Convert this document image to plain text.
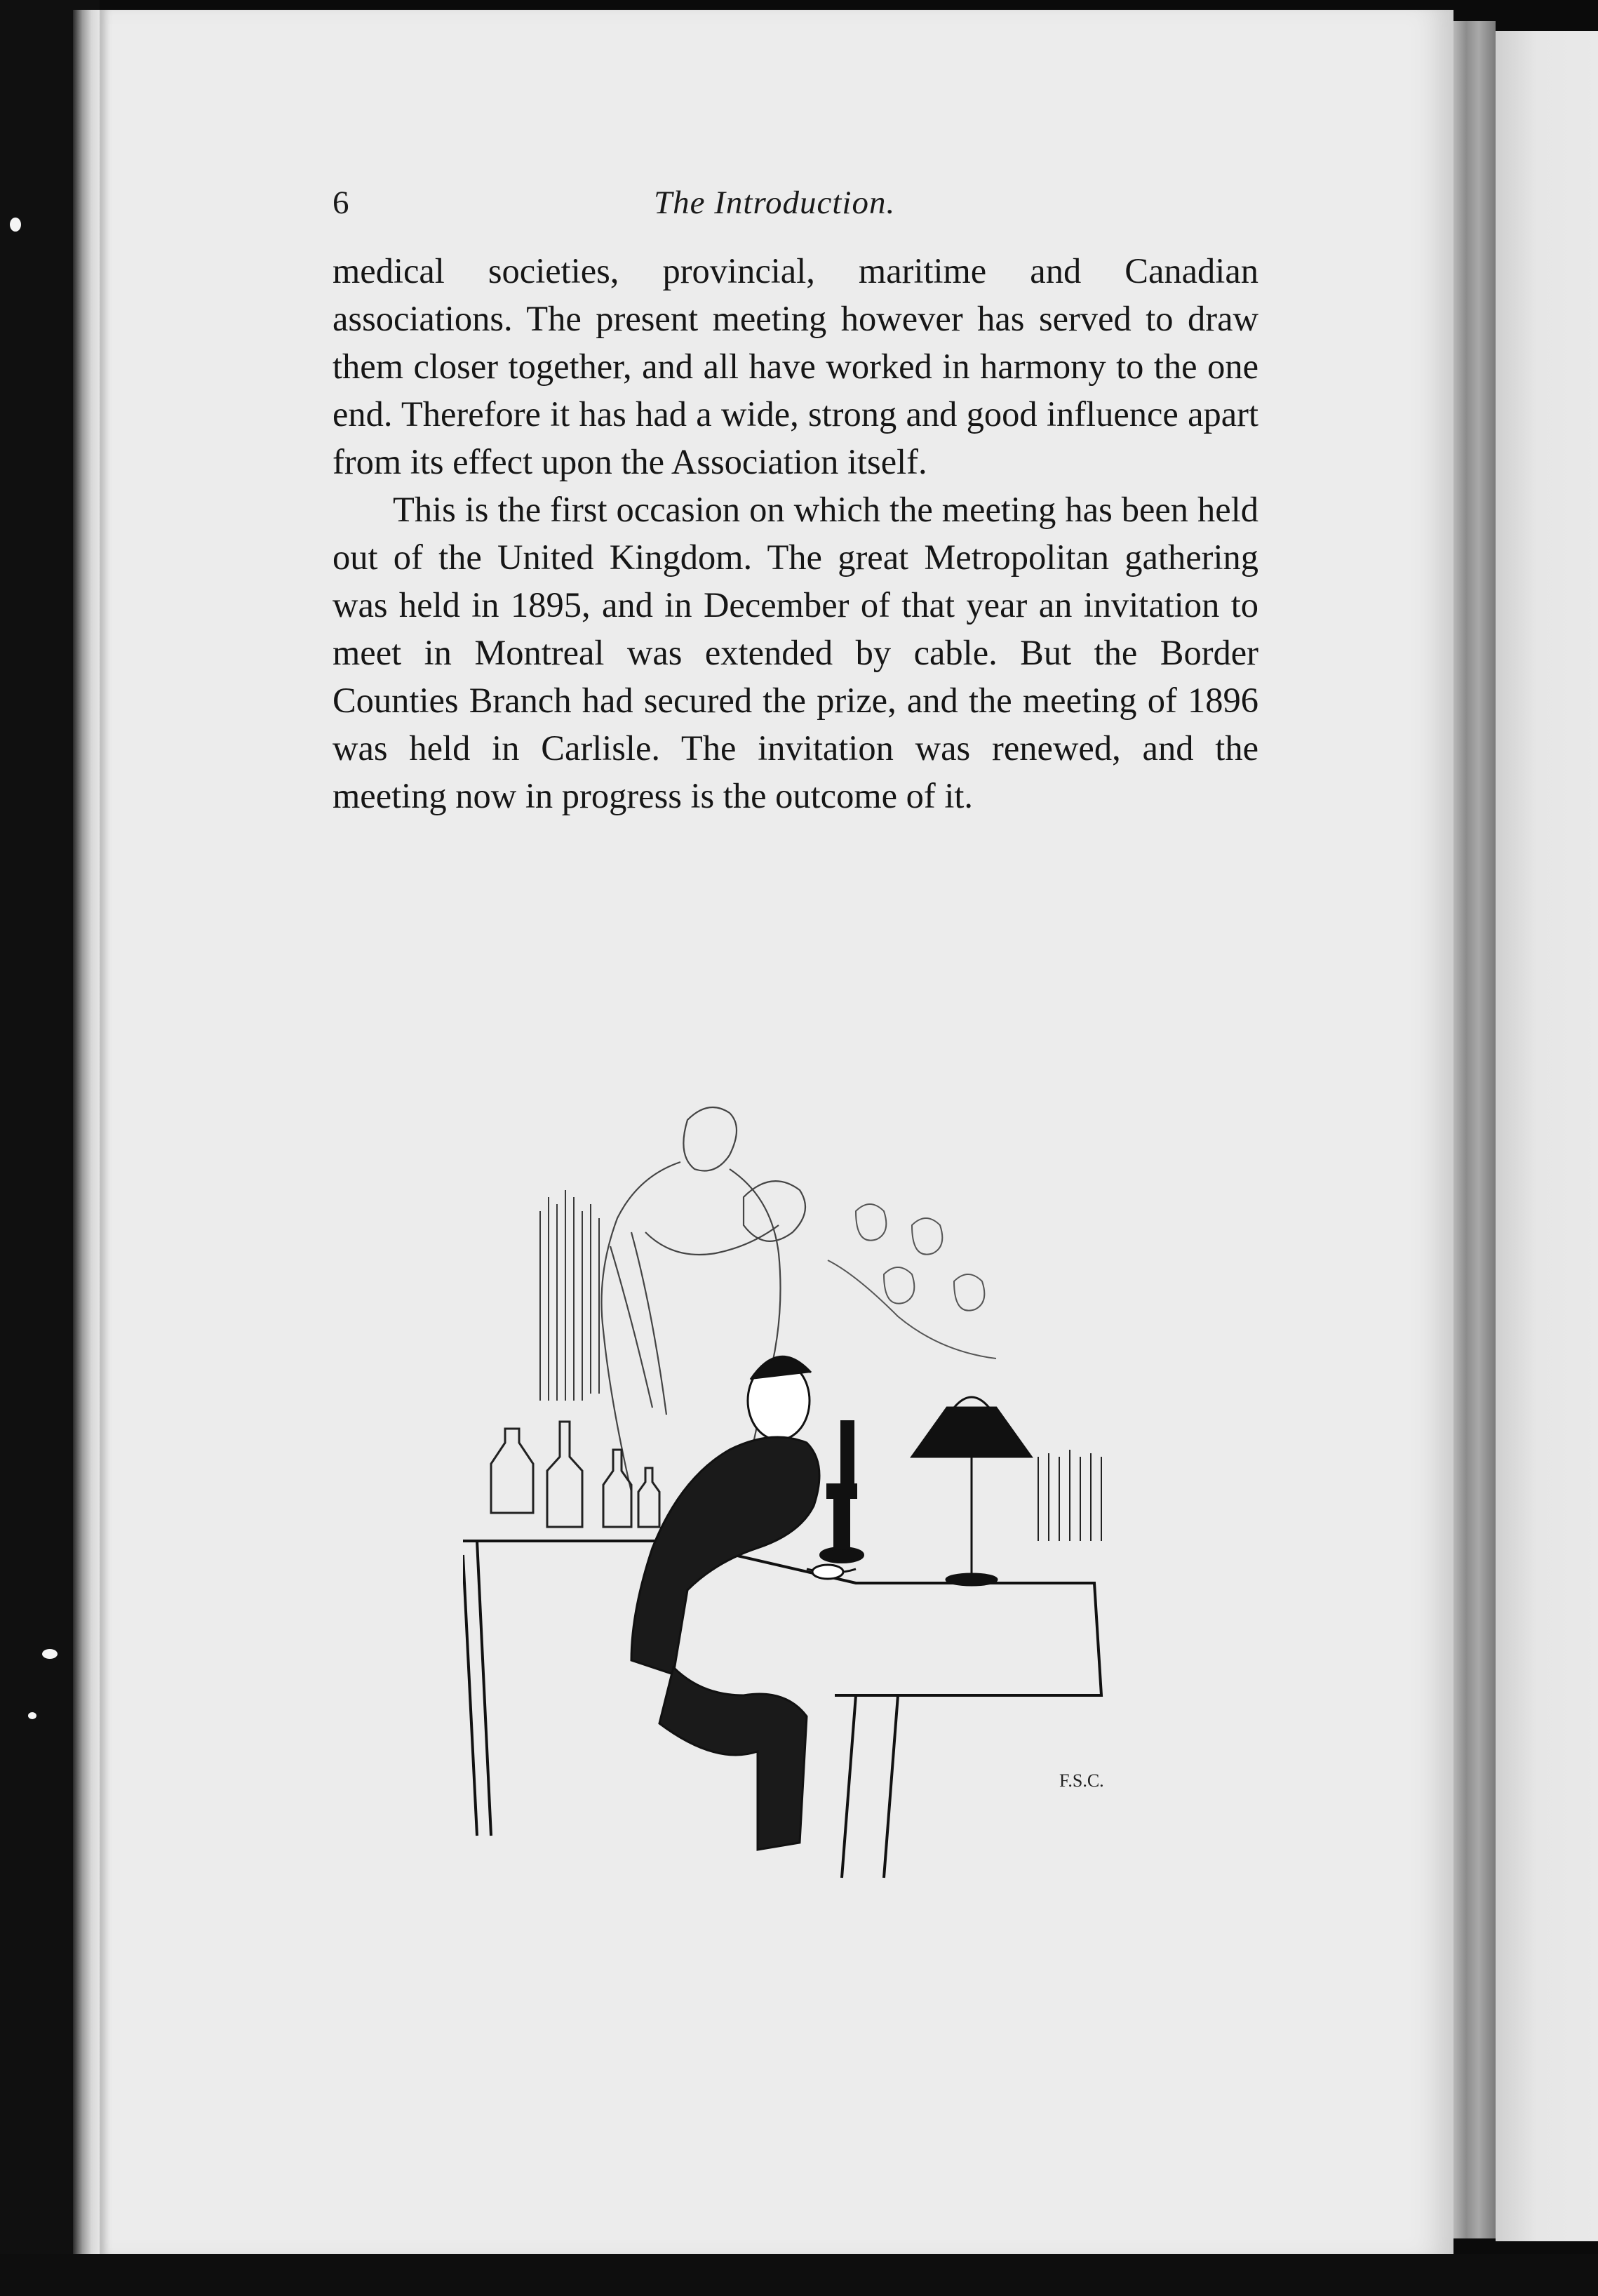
6	The Introduction.

medical societies, provincial, maritime and Canadian associations. The present meeting however has served to draw them closer together, and all have worked in harmony to the one end. Therefore it has had a wide, strong and good influence apart from its effect upon the Association itself.

This is the first occasion on which the meeting has been held out of the United Kingdom. The great Metropolitan gathering was held in 1895, and in December of that year an invitation to meet in Montreal was extended by cable. But the Border Counties Branch had secured the prize, and the meeting of 1896 was held in Carlisle. The invitation was renewed, and the meeting now in progress is the outcome of it.

F.S.C.
